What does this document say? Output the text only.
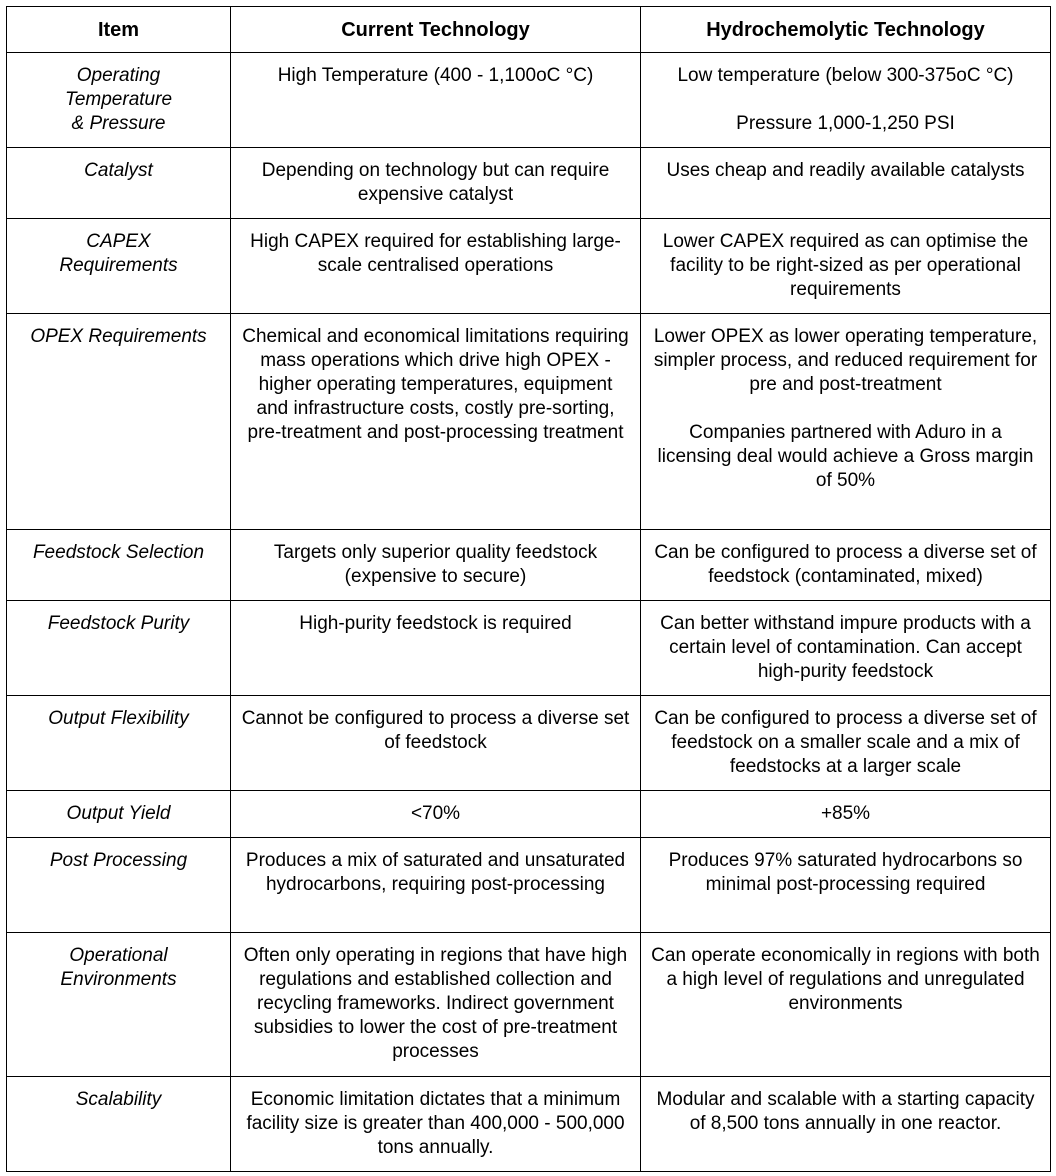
Item	Current Technology	Hydrochemolytic Technology

Operating
Temperature
& Pressure	High Temperature (400 - 1,100oC °C)	Low temperature (below 300-375oC °C)
Pressure 1,000-1,250 PSI

Catalyst	Depending on technology but can require expensive catalyst	Uses cheap and readily available catalysts

CAPEX
Requirements	High CAPEX required for establishing large-scale centralised operations	Lower CAPEX required as can optimise the facility to be right-sized as per operational requirements

OPEX Requirements	Chemical and economical limitations requiring mass operations which drive high OPEX - higher operating temperatures, equipment and infrastructure costs, costly pre-sorting, pre-treatment and post-processing treatment	Lower OPEX as lower operating temperature, simpler process, and reduced requirement for pre and post-treatment
Companies partnered with Aduro in a licensing deal would achieve a Gross margin of 50%

Feedstock Selection	Targets only superior quality feedstock (expensive to secure)	Can be configured to process a diverse set of feedstock (contaminated, mixed)

Feedstock Purity	High-purity feedstock is required	Can better withstand impure products with a certain level of contamination. Can accept high-purity feedstock

Output Flexibility	Cannot be configured to process a diverse set of feedstock	Can be configured to process a diverse set of feedstock on a smaller scale and a mix of feedstocks at a larger scale

Output Yield	<70%	+85%

Post Processing	Produces a mix of saturated and unsaturated hydrocarbons, requiring post-processing	Produces 97% saturated hydrocarbons so minimal post-processing required

Operational
Environments	Often only operating in regions that have high regulations and established collection and recycling frameworks. Indirect government subsidies to lower the cost of pre-treatment processes	Can operate economically in regions with both a high level of regulations and unregulated environments

Scalability	Economic limitation dictates that a minimum facility size is greater than 400,000 - 500,000 tons annually.	Modular and scalable with a starting capacity of 8,500 tons annually in one reactor.
